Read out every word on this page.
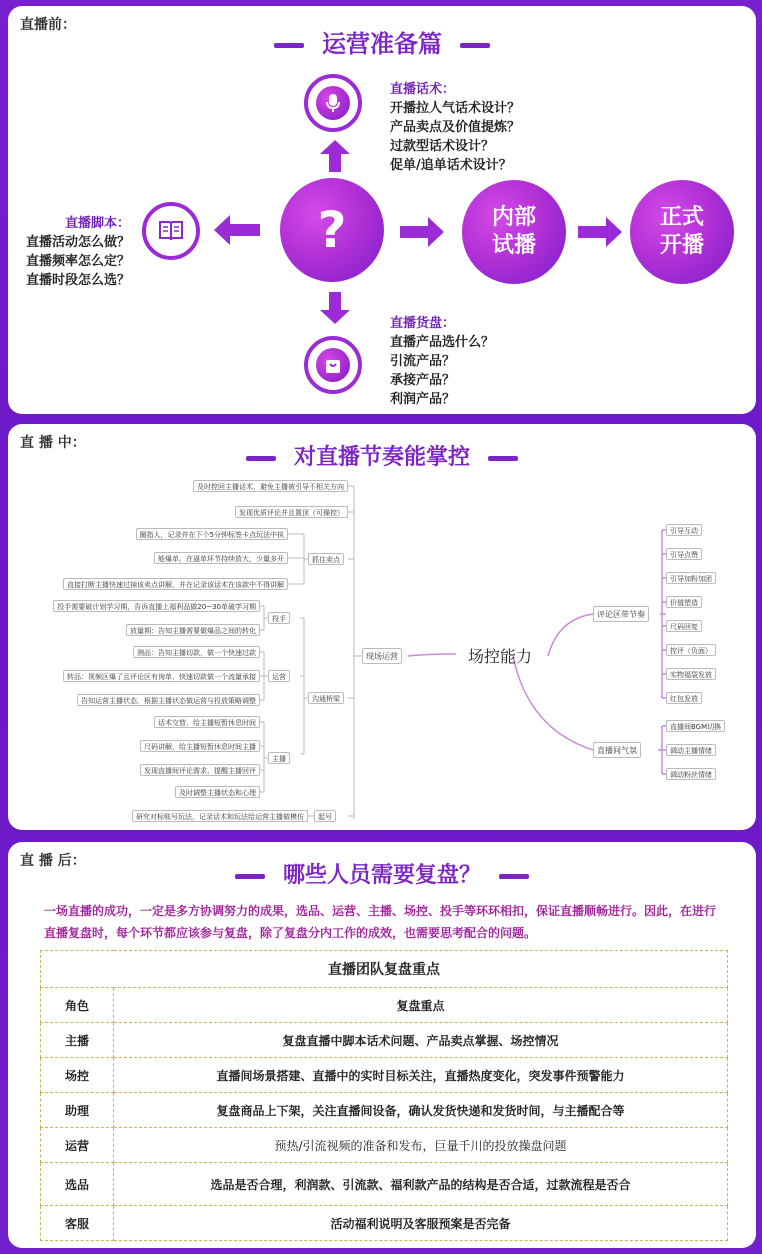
直播前：
运营准备篇
?	内部
试播
正式
开播
直播话术：
开播拉人气话术设计？
产品卖点及价值提炼？
过款型话术设计？
促单/追单话术设计？
直播脚本：
直播活动怎么做？
直播频率怎么定？
直播时段怎么选？
直播货盘：
直播产品选什么？
引流产品？
承接产品？
利润产品？
直 播 中：
对直播节奏能掌控
及时控回主播话术，避免主播被引导不相关方向
发现优质评论并且置顶（可操控）
圈指人，记录并在下个5分钟标签卡点玩法中执
能爆单，在逼单环节持续放大，少量多开
直接打断主播快速过掉该卖点讲解，并在记录该话术在该款中不得讲解
抓住卖点
投手需要破计划学习期，告诉直播上福利品做20~30单破学习期
放量期：告知主播需要做爆品之间的转化
投手
测品：告知主播切款，做一个快速过款
转品：视频区爆了且评论区有询单，快速切款做一个流量承接
告知运营主播状态，根据主播状态做运营与投放策略调整
运营
话术交替，给主播短暂休息时间
尺码讲解，给主播短暂休息时间主播
发现直播间评论需求，提醒主播回评
及时调整主播状态和心理
主播
沟通桥梁
研究对标账号玩法，记录话术和玩法给运营主播做模仿	起号
现场运营	场控能力
评论区带节奏
直播间气氛
引导互动
引导点赞
引导加粉加团
价值塑造
尺码回复
控评（负面）
实物福袋发放
红包发放
直播间BGM切换
调动主播情绪
调动粉丝情绪
直 播 后：
哪些人员需要复盘？
一场直播的成功，一定是多方协调努力的成果，选品、运营、主播、场控、投手等环环相扣，保证直播顺畅进行。因此，在进行直播复盘时，每个环节都应该参与复盘，除了复盘分内工作的成效，也需要思考配合的问题。
直播团队复盘重点	
角色	复盘重点
主播	复盘直播中脚本话术问题、产品卖点掌握、场控情况
场控	直播间场景搭建、直播中的实时目标关注，直播热度变化，突发事件预警能力
助理	复盘商品上下架，关注直播间设备，确认发货快递和发货时间，与主播配合等
运营	预热/引流视频的准备和发布，巨量千川的投放操盘问题
选品	选品是否合理，利润款、引流款、福利款产品的结构是否合适，过款流程是否合
客服	活动福利说明及客服预案是否完备
